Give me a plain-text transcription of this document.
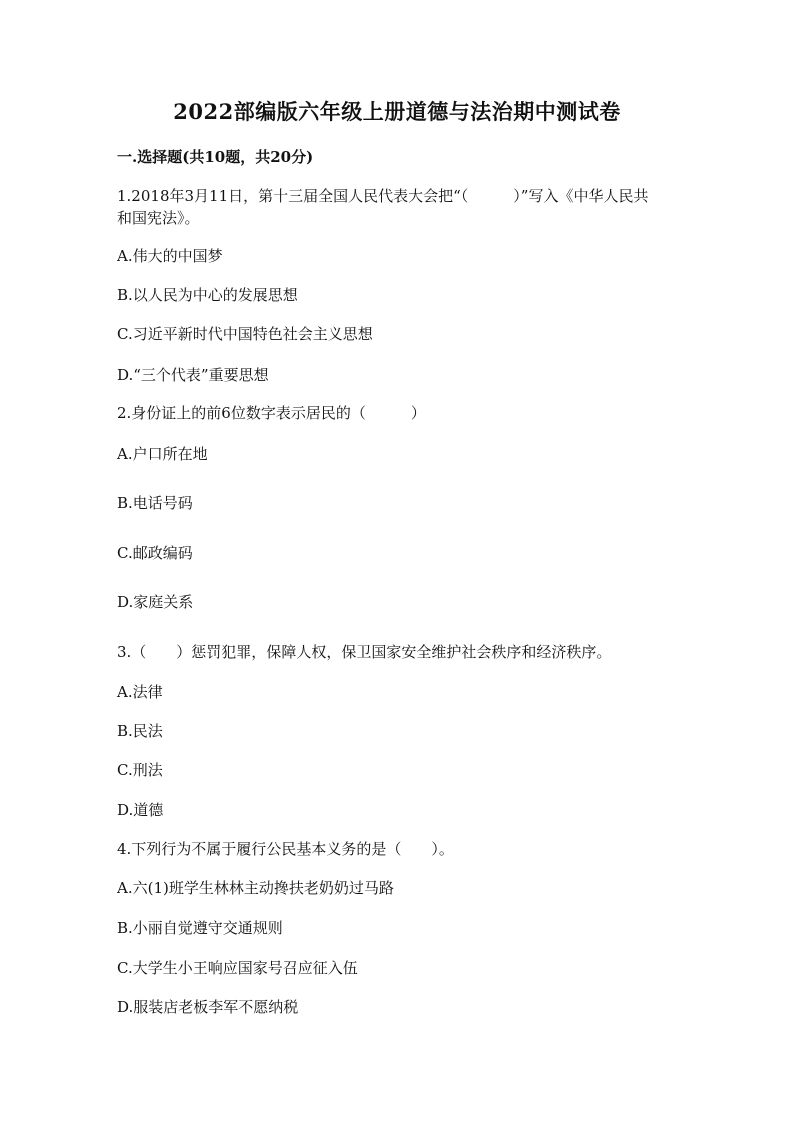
2022部编版六年级上册道德与法治期中测试卷
一.选择题(共10题，共20分)
1.2018年3月11日，第十三届全国人民代表大会把“（　　　）”写入《中华人民共和国宪法》。
A.伟大的中国梦
B.以人民为中心的发展思想
C.习近平新时代中国特色社会主义思想
D.“三个代表”重要思想
2.身份证上的前6位数字表示居民的（　　　）
A.户口所在地
B.电话号码
C.邮政编码
D.家庭关系
3.（　　）惩罚犯罪，保障人权，保卫国家安全维护社会秩序和经济秩序。
A.法律
B.民法
C.刑法
D.道德
4.下列行为不属于履行公民基本义务的是（　　）。
A.六(1)班学生林林主动搀扶老奶奶过马路
B.小丽自觉遵守交通规则
C.大学生小王响应国家号召应征入伍
D.服装店老板李军不愿纳税
